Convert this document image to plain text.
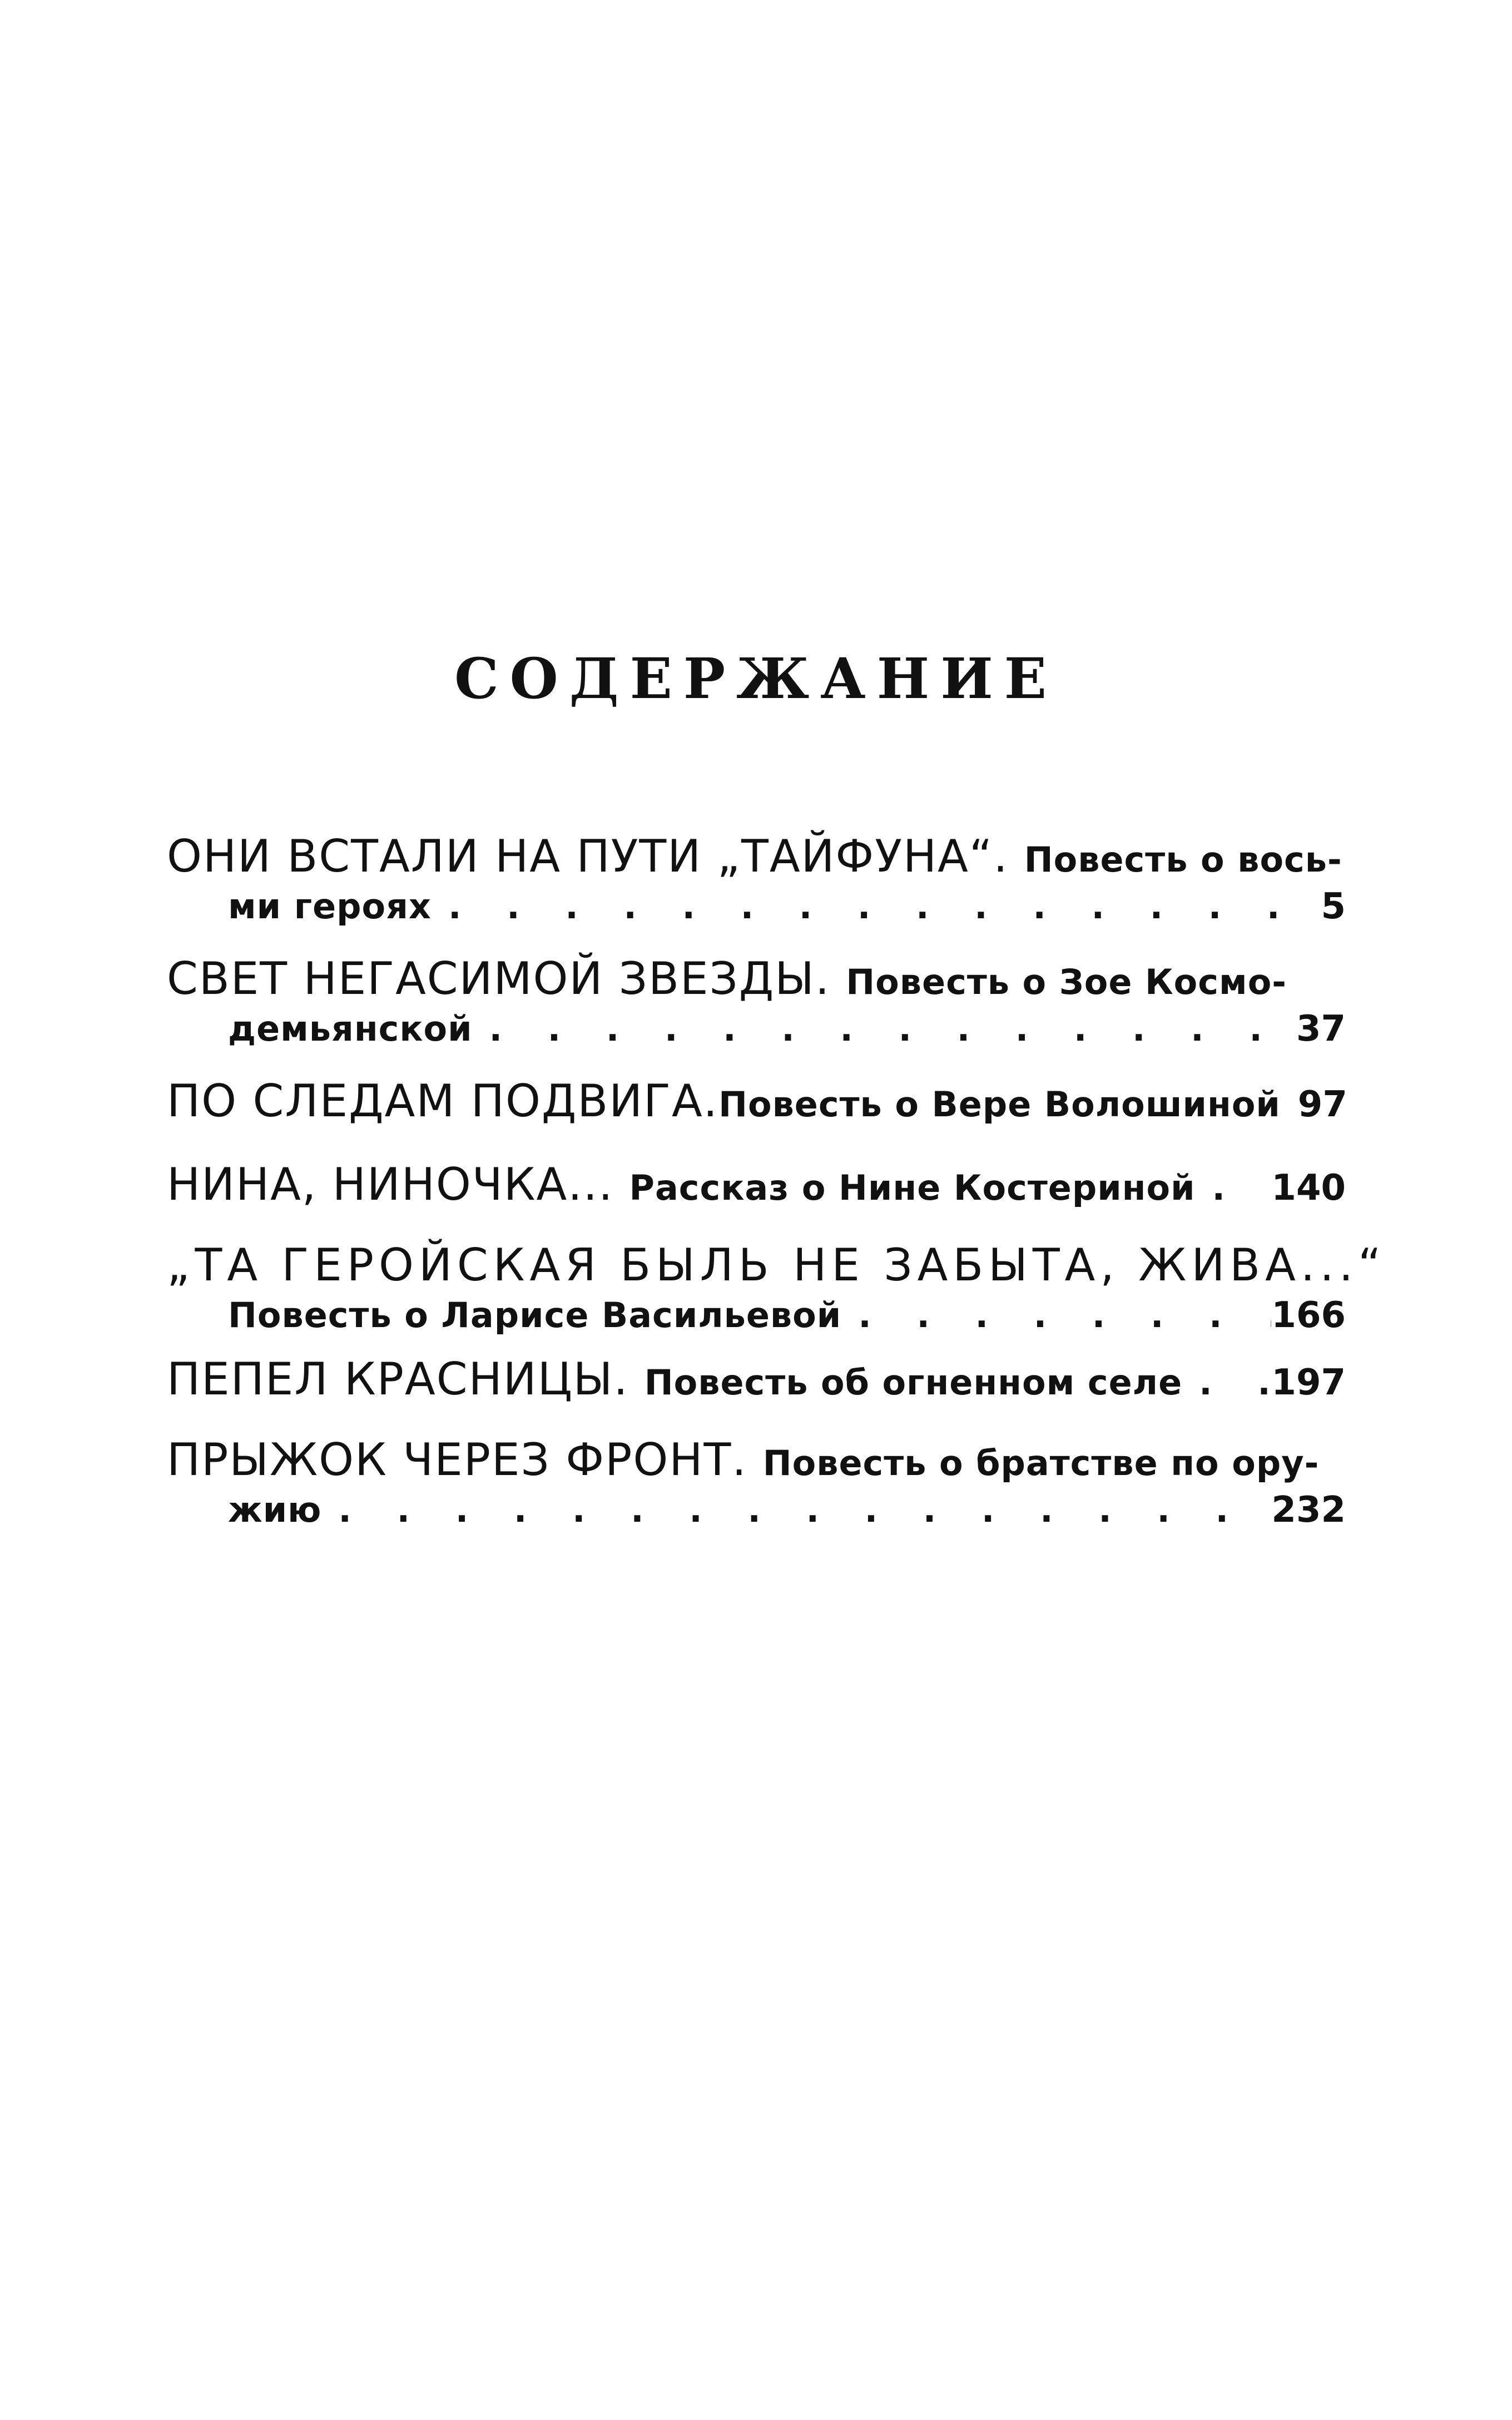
СОДЕРЖАНИЕ
ОНИ ВСТАЛИ НА ПУТИ „ТАЙФУНА“. Повесть о вось-
ми героях . . .	5
СВЕТ НЕГАСИМОЙ ЗВЕЗДЫ. Повесть о Зое Космо-
демьянской . . .	37
ПО СЛЕДАМ ПОДВИГА. Повесть о Вере Волошиной 97
НИНА, НИНОЧКА... Рассказ о Нине Костериной . . . 140
„ТА ГЕРОЙСКАЯ БЫЛЬ НЕ ЗАБЫТА, ЖИВА...“
Повесть о Ларисе Васильевой . . .	166
ПЕПЕЛ КРАСНИЦЫ. Повесть об огненном селе . . .	197
ПРЫЖОК ЧЕРЕЗ ФРОНТ. Повесть о братстве по ору-
жию . . .	232
